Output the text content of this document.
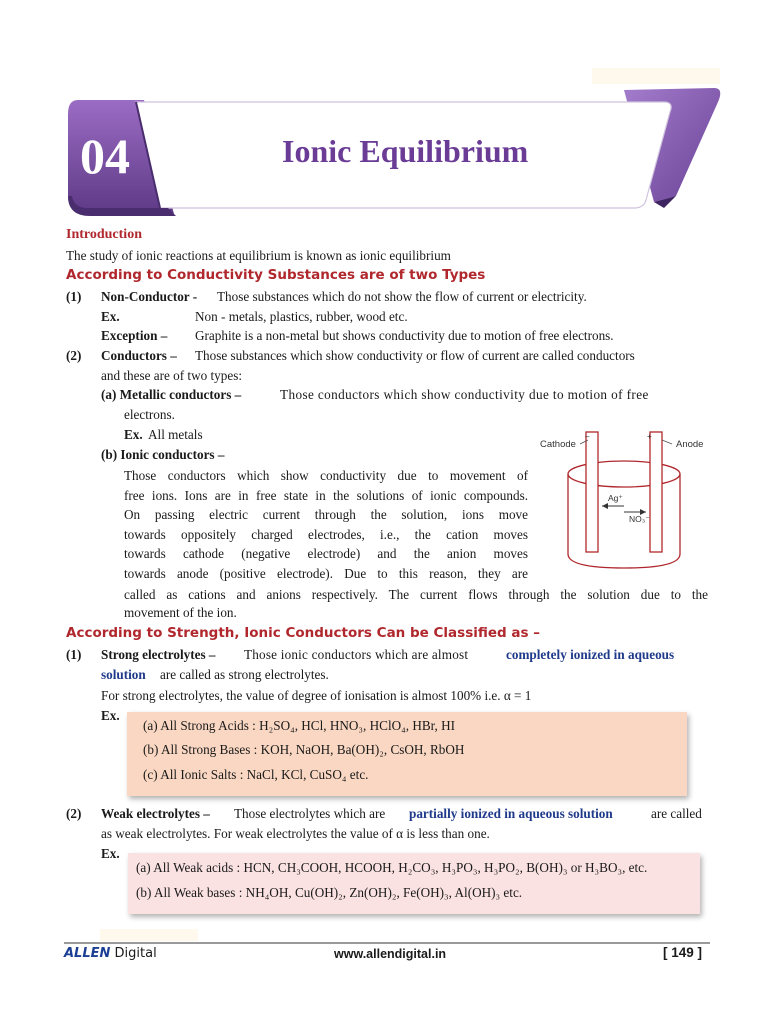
04	Ionic Equilibrium
Introduction
The study of ionic reactions at equilibrium is known as ionic equilibrium
According to Conductivity Substances are of two Types
(1) Non-Conductor - Those substances which do not show the flow of current or electricity.
Ex.	Non - metals, plastics, rubber, wood etc.
Exception – Graphite is a non-metal but shows conductivity due to motion of free electrons.
(2) Conductors – Those substances which show conductivity or flow of current are called conductors
and these are of two types:
(a) Metallic conductors –	Those conductors which show conductivity due to motion of free
electrons.
Ex. All metals
(b) Ionic conductors –
Those conductors which show conductivity due to movement of
free ions. Ions are in free state in the solutions of ionic compounds.
On passing electric current through the solution, ions move
towards oppositely charged electrodes, i.e., the cation moves
towards cathode (negative electrode) and the anion moves
towards anode (positive electrode). Due to this reason, they are
called as cations and anions respectively. The current flows through the solution due to the
movement of the ion.
Cathode
–	+
Anode
Ag⁺
NO₃⁻
According to Strength, Ionic Conductors Can be Classified as –
(1) Strong electrolytes – Those ionic conductors which are almost	completely ionized in aqueous
solution are called as strong electrolytes.
For strong electrolytes, the value of degree of ionisation is almost 100% i.e. α = 1
Ex.
(a) All Strong Acids : H₂SO₄, HCl, HNO₃, HClO₄, HBr, HI
(b) All Strong Bases : KOH, NaOH, Ba(OH)₂, CsOH, RbOH
(c) All Ionic Salts : NaCl, KCl, CuSO₄ etc.
(2) Weak electrolytes – Those electrolytes which are partially ionized in aqueous solution	are called
as weak electrolytes. For weak electrolytes the value of α is less than one.
Ex.
(a) All Weak acids : HCN, CH₃COOH, HCOOH, H₂CO₃, H₃PO₃, H₃PO₂, B(OH)₃ or H₃BO₃, etc.
(b) All Weak bases : NH₄OH, Cu(OH)₂, Zn(OH)₂, Fe(OH)₃, Al(OH)₃ etc.
ALLEN Digital	www.allendigital.in	[ 149 ]
